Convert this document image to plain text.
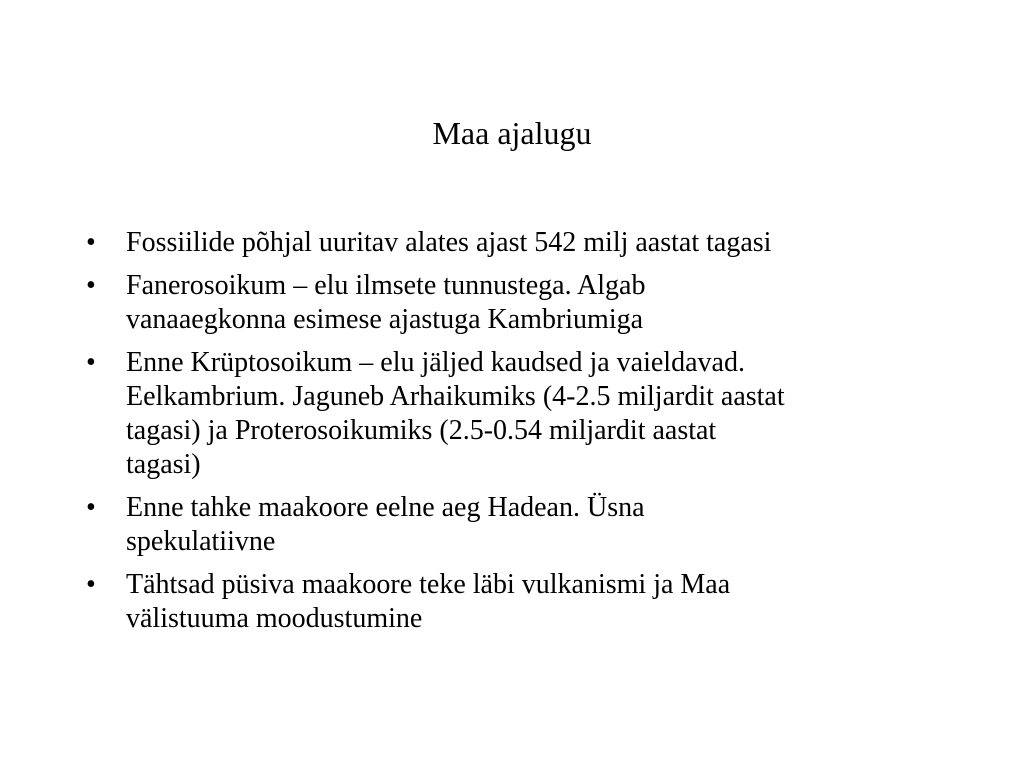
Maa ajalugu
•	Fossiilide põhjal uuritav alates ajast 542 milj aastat tagasi
•	Fanerosoikum – elu ilmsete tunnustega. Algab
vanaaegkonna esimese ajastuga Kambriumiga
•	Enne Krüptosoikum – elu jäljed kaudsed ja vaieldavad.
Eelkambrium. Jaguneb Arhaikumiks (4-2.5 miljardit aastat
tagasi) ja Proterosoikumiks (2.5-0.54 miljardit aastat
tagasi)
•	Enne tahke maakoore eelne aeg Hadean. Üsna
spekulatiivne
•	Tähtsad püsiva maakoore teke läbi vulkanismi ja Maa
välistuuma moodustumine
